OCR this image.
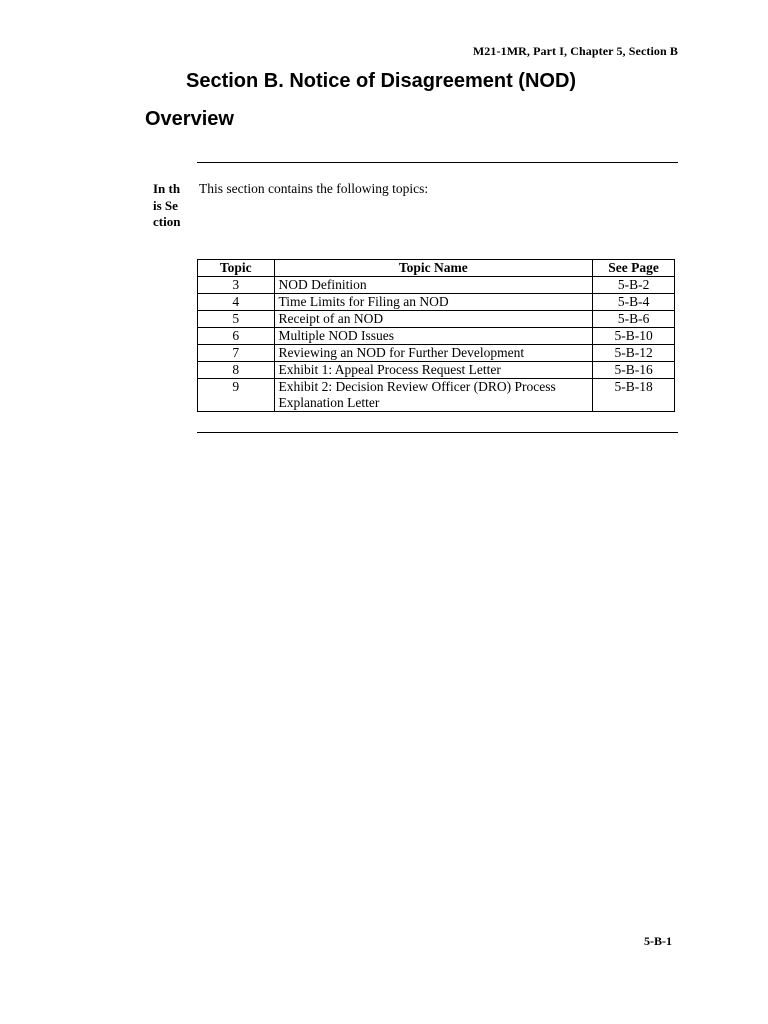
M21-1MR, Part I, Chapter 5, Section B
Section B. Notice of Disagreement (NOD)
Overview
In this Section
This section contains the following topics:
Topic	Topic Name	See Page
3	NOD Definition	5-B-2
4	Time Limits for Filing an NOD	5-B-4
5	Receipt of an NOD	5-B-6
6	Multiple NOD Issues	5-B-10
7	Reviewing an NOD for Further Development	5-B-12
8	Exhibit 1: Appeal Process Request Letter	5-B-16
9	Exhibit 2: Decision Review Officer (DRO) Process Explanation Letter	5-B-18
5-B-1
